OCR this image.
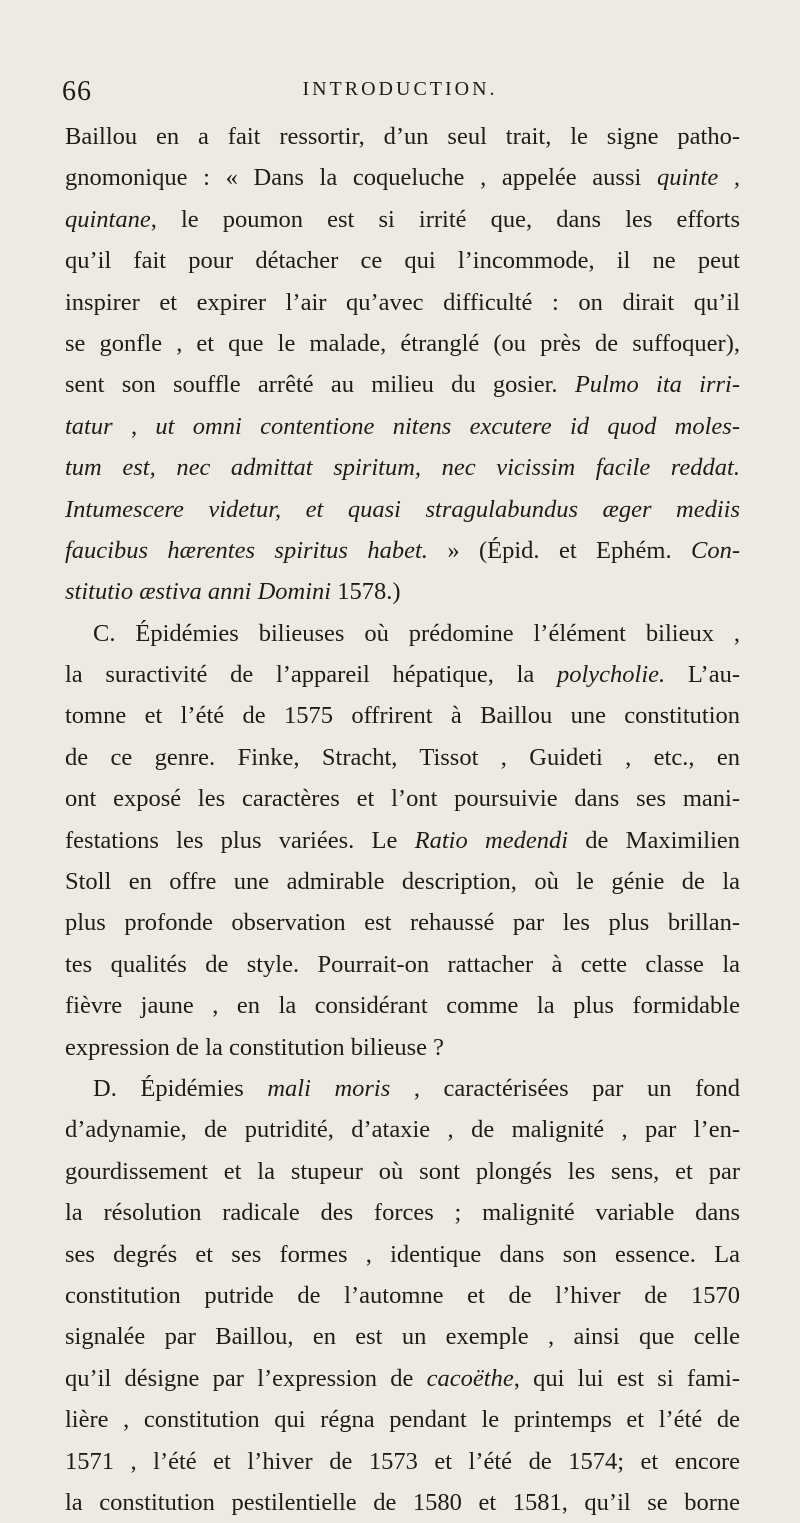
66	INTRODUCTION.
Baillou en a fait ressortir, d’un seul trait, le signe patho-
gnomonique : « Dans la coqueluche , appelée aussi quinte ,
quintane, le poumon est si irrité que, dans les efforts
qu’il fait pour détacher ce qui l’incommode, il ne peut
inspirer et expirer l’air qu’avec difficulté : on dirait qu’il
se gonfle , et que le malade, étranglé (ou près de suffoquer),
sent son souffle arrêté au milieu du gosier. Pulmo ita irri-
tatur , ut omni contentione nitens excutere id quod moles-
tum est, nec admittat spiritum, nec vicissim facile reddat.
Intumescere videtur, et quasi stragulabundus æger mediis
faucibus hærentes spiritus habet. » (Épid. et Ephém. Con-
stitutio æstiva anni Domini 1578.)
C. Épidémies bilieuses où prédomine l’élément bilieux ,
la suractivité de l’appareil hépatique, la polycholie. L’au-
tomne et l’été de 1575 offrirent à Baillou une constitution
de ce genre. Finke, Stracht, Tissot , Guideti , etc., en
ont exposé les caractères et l’ont poursuivie dans ses mani-
festations les plus variées. Le Ratio medendi de Maximilien
Stoll en offre une admirable description, où le génie de la
plus profonde observation est rehaussé par les plus brillan-
tes qualités de style. Pourrait-on rattacher à cette classe la
fièvre jaune , en la considérant comme la plus formidable
expression de la constitution bilieuse ?
D. Épidémies mali moris , caractérisées par un fond
d’adynamie, de putridité, d’ataxie , de malignité , par l’en-
gourdissement et la stupeur où sont plongés les sens, et par
la résolution radicale des forces ; malignité variable dans
ses degrés et ses formes , identique dans son essence. La
constitution putride de l’automne et de l’hiver de 1570
signalée par Baillou, en est un exemple , ainsi que celle
qu’il désigne par l’expression de cacoëthe, qui lui est si fami-
lière , constitution qui régna pendant le printemps et l’été de
1571 , l’été et l’hiver de 1573 et l’été de 1574; et encore
la constitution pestilentielle de 1580 et 1581, qu’il se borne
